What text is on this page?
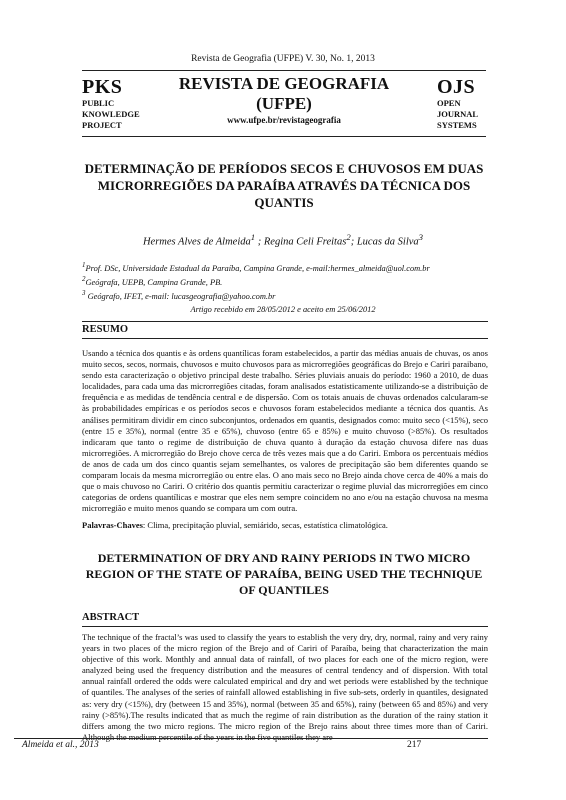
Revista de Geografia (UFPE) V. 30, No. 1, 2013
PKS
PUBLIC
KNOWLEDGE
PROJECT
REVISTA DE GEOGRAFIA
(UFPE)
www.ufpe.br/revistageografia
OJS
OPEN
JOURNAL
SYSTEMS
DETERMINAÇÃO DE PERÍODOS SECOS E CHUVOSOS EM DUAS MICRORREGIÕES DA PARAÍBA ATRAVÉS DA TÉCNICA DOS QUANTIS
Hermes Alves de Almeida$^1$ ; Regina Celi Freitas$^2$; Lucas da Silva$^3$
$^1$Prof. DSc, Universidade Estadual da Paraíba, Campina Grande, e-mail:hermes_almeida@uol.com.br
$^2$Geógrafa, UEPB, Campina Grande, PB.
$^3$ Geógrafo, IFET, e-mail: lucasgeografia@yahoo.com.br
Artigo recebido em 28/05/2012 e aceito em 25/06/2012
RESUMO
Usando a técnica dos quantis e às ordens quantílicas foram estabelecidos, a partir das médias anuais de chuvas, os anos muito secos, secos, normais, chuvosos e muito chuvosos para as microrregiões geográficas do Brejo e Cariri paraibano, sendo esta caracterização o objetivo principal deste trabalho. Séries pluviais anuais do período: 1960 a 2010, de duas localidades, para cada uma das microrregiões citadas, foram analisados estatisticamente utilizando-se a distribuição de frequência e as medidas de tendência central e de dispersão. Com os totais anuais de chuvas ordenados calcularam-se às probabilidades empíricas e os períodos secos e chuvosos foram estabelecidos mediante a técnica dos quantis. As análises permitiram dividir em cinco subconjuntos, ordenados em quantis, designados como: muito seco (<15%), seco (entre 15 e 35%), normal (entre 35 e 65%), chuvoso (entre 65 e 85%) e muito chuvoso (>85%). Os resultados indicaram que tanto o regime de distribuição de chuva quanto à duração da estação chuvosa difere nas duas microrregiões. A microrregião do Brejo chove cerca de três vezes mais que a do Cariri. Embora os percentuais médios de anos de cada um dos cinco quantis sejam semelhantes, os valores de precipitação são bem diferentes quando se comparam locais da mesma microrregião ou entre elas. O ano mais seco no Brejo ainda chove cerca de 40% a mais do que o mais chuvoso no Cariri. O critério dos quantis permitiu caracterizar o regime pluvial das microrregiões em cinco categorias de ordens quantílicas e mostrar que eles nem sempre coincidem no ano e/ou na estação chuvosa na mesma microrregião e muito menos quando se compara um com outra.
Palavras-Chaves: Clima, precipitação pluvial, semiárido, secas, estatística climatológica.
DETERMINATION OF DRY AND RAINY PERIODS IN TWO MICRO REGION OF THE STATE OF PARAÍBA, BEING USED THE TECHNIQUE OF QUANTILES
ABSTRACT
The technique of the fractal’s was used to classify the years to establish the very dry, dry, normal, rainy and very rainy years in two places of the micro region of the Brejo and of Cariri of Paraíba, being that characterization the main objective of this work. Monthly and annual data of rainfall, of two places for each one of the micro region, were analyzed being used the frequency distribution and the measures of central tendency and of dispersion. With total annual rainfall ordered the odds were calculated empirical and dry and wet periods were established by the technique of quantiles. The analyses of the series of rainfall allowed establishing in five sub-sets, orderly in quantiles, designated as: very dry (<15%), dry (between 15 and 35%), normal (between 35 and 65%), rainy (between 65 and 85%) and very rainy (>85%).The results indicated that as much the regime of rain distribution as the duration of the rainy station it differs among the two micro regions. The micro region of the Brejo rains about three times more than of Cariri. Although the medium percentile of the years in the five quantiles they are
Almeida et al., 2013	217
